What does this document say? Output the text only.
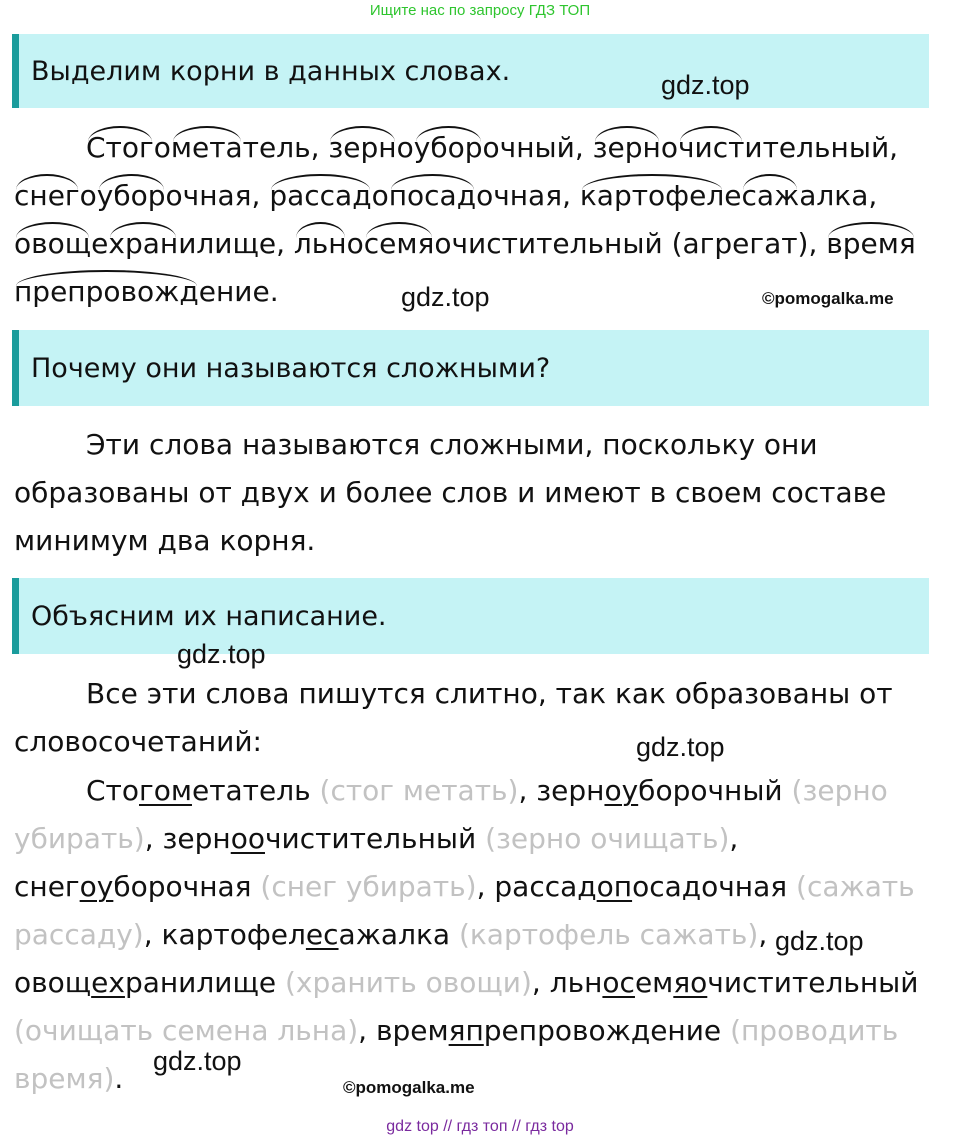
Ищите нас по запросу ГДЗ ТОП
Выделим корни в данных словах.	gdz.top

Стогометатель, зерноуборочный, зерночистительный, снегоуборочная, рассадопосадочная, картофелесажалка, овощехранилище, льносемяочистительный (агрегат), времяпрепровождение.	gdz.top	©pomogalka.me
Почему они называются сложными?

Эти слова называются сложными, поскольку они образованы от двух и более слов и имеют в своем составе минимум два корня.

Объясним их написание.
gdz.top

Все эти слова пишутся слитно, так как образованы от словосочетаний:	gdz.top

Стогометатель (стог метать), зерноуборочный (зерно убирать), зерноочистительный (зерно очищать), снегоуборочная (снег убирать), рассадопосадочная (сажать рассаду), картофелесажалка (картофель сажать), овощехранилище (хранить овощи), льносемяочистительный (очищать семена льна), времяпрепровождение (проводить время).

gdz.top
gdz.top
©pomogalka.me
gdz top // гдз топ // гдз top
